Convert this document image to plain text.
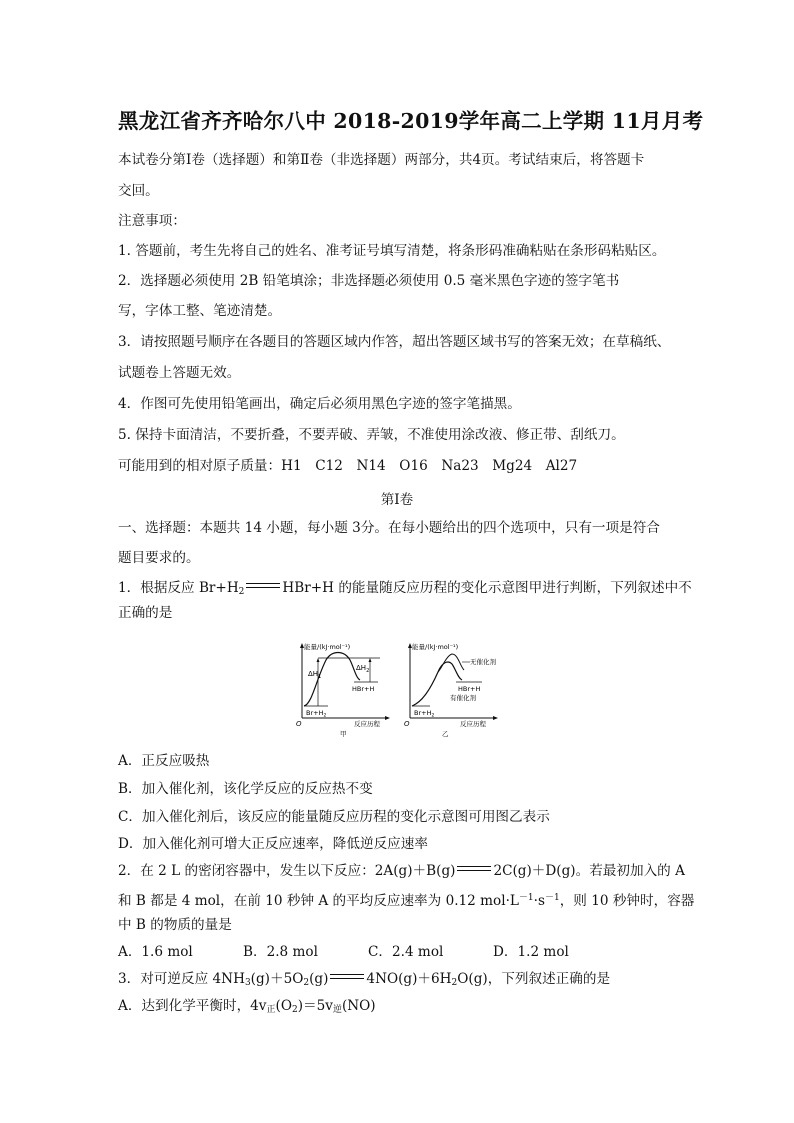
黑龙江省齐齐哈尔八中 2018-2019学年高二上学期 11月月考
本试卷分第Ⅰ卷（选择题）和第Ⅱ卷（非选择题）两部分，共4页。考试结束后，将答题卡
交回。
注意事项：
1. 答题前，考生先将自己的姓名、准考证号填写清楚，将条形码准确粘贴在条形码粘贴区。
2．选择题必须使用 2B 铅笔填涂；非选择题必须使用 0.5 毫米黑色字迹的签字笔书
写，字体工整、笔迹清楚。
3．请按照题号顺序在各题目的答题区域内作答，超出答题区域书写的答案无效；在草稿纸、
试题卷上答题无效。
4．作图可先使用铅笔画出，确定后必须用黑色字迹的签字笔描黑。
5. 保持卡面清洁，不要折叠，不要弄破、弄皱，不准使用涂改液、修正带、刮纸刀。
可能用到的相对原子质量：H1　C12　N14　O16　Na23　Mg24　Al27
第Ⅰ卷
一、选择题：本题共 14 小题，每小题 3分。在每小题给出的四个选项中，只有一项是符合
题目要求的。
1．根据反应 $Br+H_2$	HBr+H 的能量随反应历程的变化示意图甲进行判断，下列叙述中不
正确的是
能量/(kJ·mol⁻¹)
$\Delta H_1$
$\Delta H_2$
HBr+H
$Br+H_2$
O	反应历程
甲
能量/(kJ·mol⁻¹)
无催化剂
HBr+H
有催化剂
$Br+H_2$
O	反应历程
乙
A．正反应吸热
B．加入催化剂，该化学反应的反应热不变
C．加入催化剂后，该反应的能量随反应历程的变化示意图可用图乙表示
D．加入催化剂可增大正反应速率，降低逆反应速率
2．在 2 L 的密闭容器中，发生以下反应：2A(g)＋B(g)	2C(g)＋D(g)。若最初加入的 A
和 B 都是 4 mol，在前 10 秒钟 A 的平均反应速率为 0.12 $mol\cdot L^{-1}\cdot s^{-1}$，则 10 秒钟时，容器
中 B 的物质的量是
A．1.6 mol	B．2.8 mol	C．2.4 mol	D．1.2 mol
3．对可逆反应 $4NH_3(g)+5O_2(g)$	$4NO(g)+6H_2O(g)$，下列叙述正确的是
A．达到化学平衡时，$4v_正(O_2)=5v_逆(NO)$
